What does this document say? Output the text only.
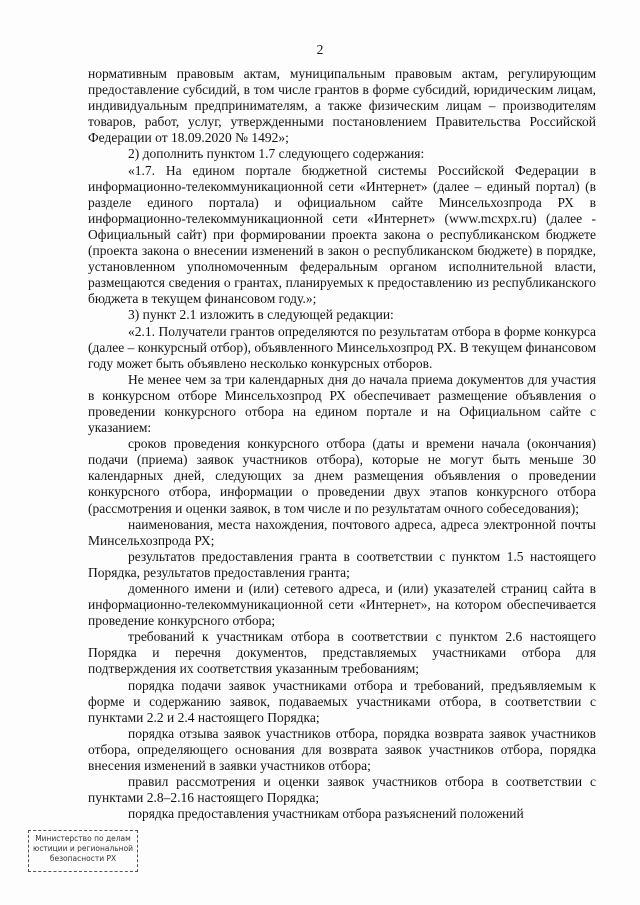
2

нормативным правовым актам, муниципальным правовым актам, регулирующим предоставление субсидий, в том числе грантов в форме субсидий, юридическим лицам, индивидуальным предпринимателям, а также физическим лицам – производителям товаров, работ, услуг, утвержденными постановлением Правительства Российской Федерации от 18.09.2020 № 1492»;

2) дополнить пунктом 1.7 следующего содержания:

«1.7. На едином портале бюджетной системы Российской Федерации в информационно-телекоммуникационной сети «Интернет» (далее – единый портал) (в разделе единого портала) и официальном сайте Минсельхозпрода РХ в информационно-телекоммуникационной сети «Интернет» (www.mcxpx.ru) (далее - Официальный сайт) при формировании проекта закона о республиканском бюджете (проекта закона о внесении изменений в закон о республиканском бюджете) в порядке, установленном уполномоченным федеральным органом исполнительной власти, размещаются сведения о грантах, планируемых к предоставлению из республиканского бюджета в текущем финансовом году.»;

3) пункт 2.1 изложить в следующей редакции:

«2.1. Получатели грантов определяются по результатам отбора в форме конкурса (далее – конкурсный отбор), объявленного Минсельхозпрод РХ. В текущем финансовом году может быть объявлено несколько конкурсных отборов.

Не менее чем за три календарных дня до начала приема документов для участия в конкурсном отборе Минсельхозпрод РХ обеспечивает размещение объявления о проведении конкурсного отбора на едином портале и на Официальном сайте с указанием:

сроков проведения конкурсного отбора (даты и времени начала (окончания) подачи (приема) заявок участников отбора), которые не могут быть меньше 30 календарных дней, следующих за днем размещения объявления о проведении конкурсного отбора, информации о проведении двух этапов конкурсного отбора (рассмотрения и оценки заявок, в том числе и по результатам очного собеседования);

наименования, места нахождения, почтового адреса, адреса электронной почты Минсельхозпрода РХ;

результатов предоставления гранта в соответствии с пунктом 1.5 настоящего Порядка, результатов предоставления гранта;

доменного имени и (или) сетевого адреса, и (или) указателей страниц сайта в информационно-телекоммуникационной сети «Интернет», на котором обеспечивается проведение конкурсного отбора;

требований к участникам отбора в соответствии с пунктом 2.6 настоящего Порядка и перечня документов, представляемых участниками отбора для подтверждения их соответствия указанным требованиям;

порядка подачи заявок участниками отбора и требований, предъявляемым к форме и содержанию заявок, подаваемых участниками отбора, в соответствии с пунктами 2.2 и 2.4 настоящего Порядка;

порядка отзыва заявок участников отбора, порядка возврата заявок участников отбора, определяющего основания для возврата заявок участников отбора, порядка внесения изменений в заявки участников отбора;

правил рассмотрения и оценки заявок участников отбора в соответствии с пунктами 2.8–2.16 настоящего Порядка;

порядка предоставления участникам отбора разъяснений положений

Министерство по делам
юстиции и региональной
безопасности РХ
